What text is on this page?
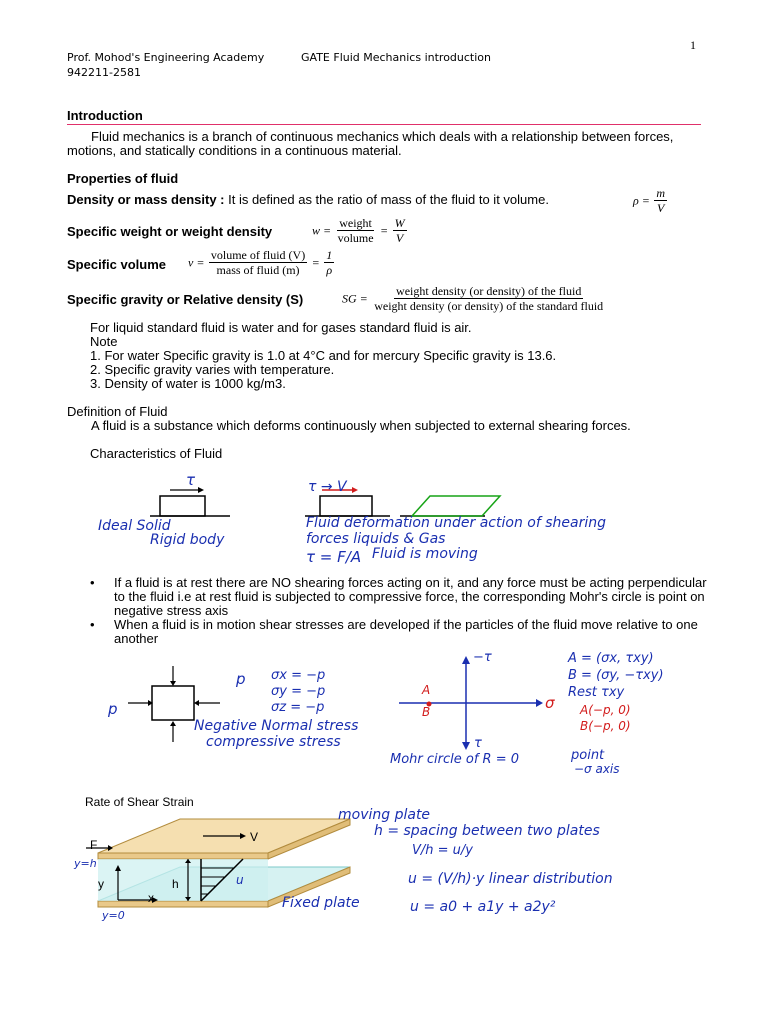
1
Prof. Mohod's Engineering Academy	GATE Fluid Mechanics introduction
942211-2581
Introduction
Fluid mechanics is a branch of continuous mechanics which deals with a relationship between forces, motions, and statically conditions in a continuous material.
Properties of fluid
Density or mass density : It is defined as the ratio of mass of the fluid to it volume.	$\rho = \frac{m}{V}$
Specific weight or weight density	$w = \frac{\text{weight}}{\text{volume}} = \frac{W}{V}$
Specific volume $v = \frac{\text{volume of fluid (V)}}{\text{mass of fluid (m)}} = \frac{1}{\rho}$
Specific gravity or Relative density (S)	SG = $\frac{\text{weight density (or density) of the fluid}}{\text{weight density (or density) of the standard fluid}}$
For liquid standard fluid is water and for gases standard fluid is air.
Note
1. For water Specific gravity is 1.0 at 4°C and for mercury Specific gravity is 13.6.
2. Specific gravity varies with temperature.
3. Density of water is 1000 kg/m3.
Definition of Fluid
A fluid is a substance which deforms continuously when subjected to external shearing forces.
Characteristics of Fluid
τ	τ → V
Ideal Solid
Rigid body
Fluid deformation under action of shearing
forces liquids & Gas
τ = F/A Fluid is moving
• If a fluid is at rest there are NO shearing forces acting on it, and any force must be acting perpendicular to the fluid i.e at rest fluid is subjected to compressive force, the corresponding Mohr's circle is point on negative stress axis
• When a fluid is in motion shear stresses are developed if the particles of the fluid move relative to one another
p
p σx = −p
σy = −p
σz = −p
Negative Normal stress
compressive stress
−τ
τ
σ
A
B
Mohr circle of R = 0	point
−σ axis
A = (σx, τxy)
B = (σy, −τxy)
Rest τxy
A(−p, 0)
B(−p, 0)
Rate of Shear Strain
F
V
h
x
y	u
y=h
y=0
moving plate
h = spacing between two plates
V/h = u/y
u = (V/h)·y linear distribution
Fixed plate	u = a0 + a1y + a2y²
